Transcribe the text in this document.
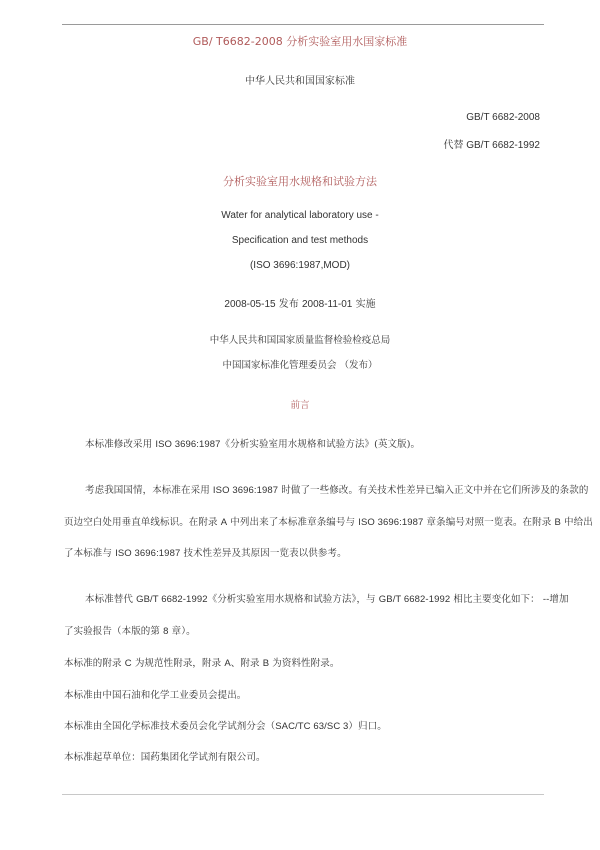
GB/ T6682-2008 分析实验室用水国家标准

中华人民共和国国家标准

GB/T 6682-2008

代替 GB/T 6682-1992

分析实验室用水规格和试验方法

Water for analytical laboratory use -

Specification and test methods

(ISO 3696:1987,MOD)

2008-05-15 发布 2008-11-01 实施

中华人民共和国国家质量监督检验检疫总局

中国国家标准化管理委员会 （发布）

前言

本标准修改采用 ISO 3696:1987《分析实验室用水规格和试验方法》(英文版)。

考虑我国国情，本标准在采用 ISO 3696:1987 时做了一些修改。有关技术性差异已编入正文中并在它们所涉及的条款的

页边空白处用垂直单线标识。在附录 A 中列出来了本标准章条编号与 ISO 3696:1987 章条编号对照一览表。在附录 B 中给出

了本标准与 ISO 3696:1987 技术性差异及其原因一览表以供参考。

本标准替代 GB/T 6682-1992《分析实验室用水规格和试验方法》，与 GB/T 6682-1992 相比主要变化如下： --增加

了实验报告（本版的第 8 章）。

本标准的附录 C 为规范性附录，附录 A、附录 B 为资料性附录。

本标准由中国石油和化学工业委员会提出。

本标准由全国化学标准技术委员会化学试剂分会（SAC/TC 63/SC 3）归口。

本标准起草单位：国药集团化学试剂有限公司。
